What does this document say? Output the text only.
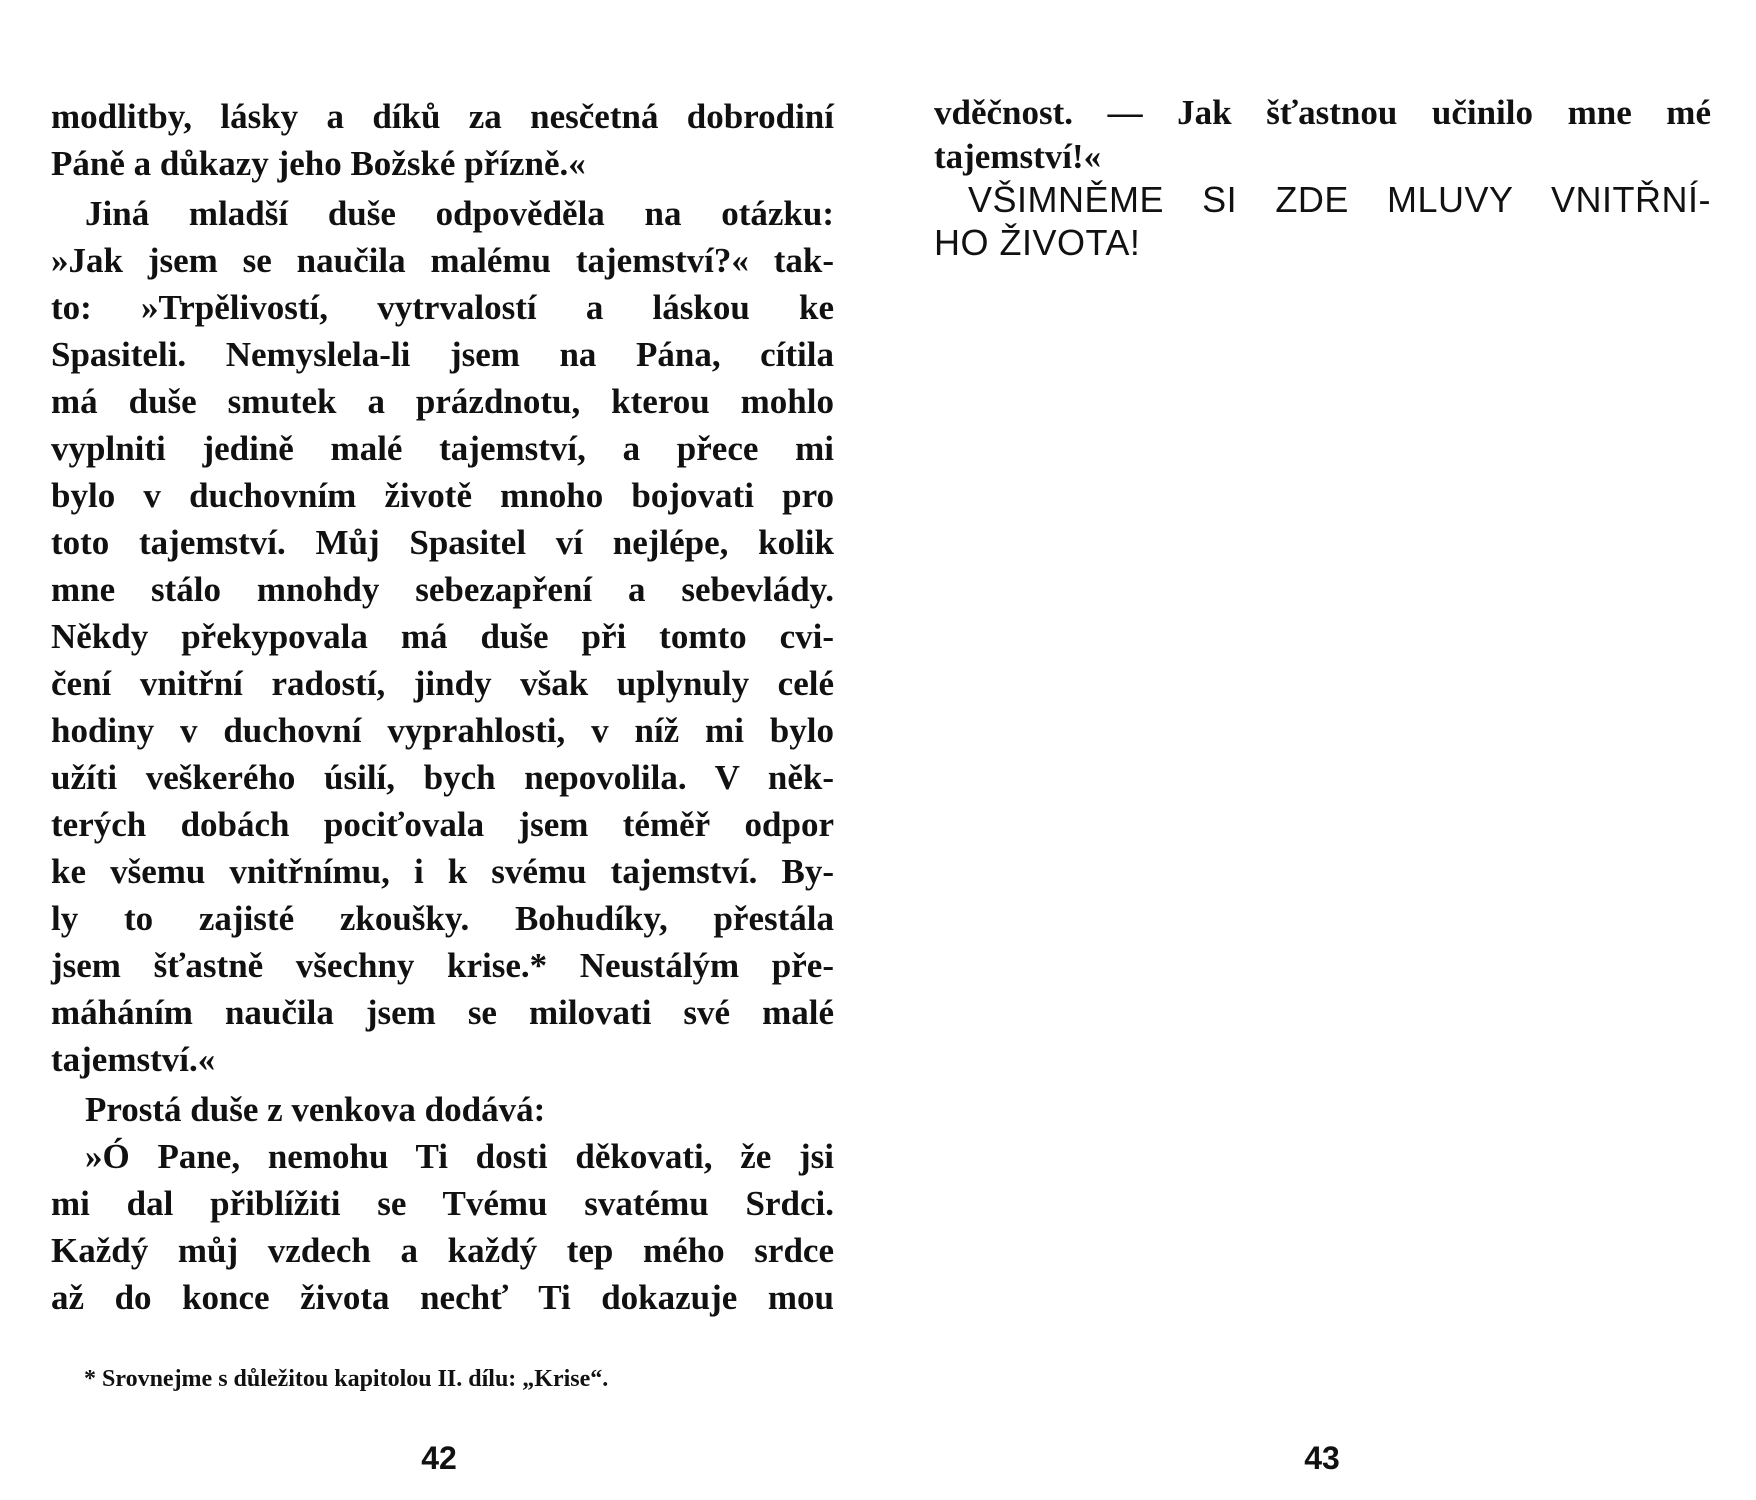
modlitby, lásky a díků za nesčetná dobrodiní
Páně a důkazy jeho Božské přízně.«
Jiná mladší duše odpověděla na otázku:
»Jak jsem se naučila malému tajemství?« tak-
to: »Trpělivostí, vytrvalostí a láskou ke
Spasiteli. Nemyslela-li jsem na Pána, cítila
má duše smutek a prázdnotu, kterou mohlo
vyplniti jedině malé tajemství, a přece mi
bylo v duchovním životě mnoho bojovati pro
toto tajemství. Můj Spasitel ví nejlépe, kolik
mne stálo mnohdy sebezapření a sebevlády.
Někdy překypovala má duše při tomto cvi-
čení vnitřní radostí, jindy však uplynuly celé
hodiny v duchovní vyprahlosti, v níž mi bylo
užíti veškerého úsilí, bych nepovolila. V něk-
terých dobách pociťovala jsem téměř odpor
ke všemu vnitřnímu, i k svému tajemství. By-
ly to zajisté zkoušky. Bohudíky, přestála
jsem šťastně všechny krise.* Neustálým pře-
máháním naučila jsem se milovati své malé
tajemství.«
Prostá duše z venkova dodává:
»Ó Pane, nemohu Ti dosti děkovati, že jsi
mi dal přiblížiti se Tvému svatému Srdci.
Každý můj vzdech a každý tep mého srdce
až do konce života nechť Ti dokazuje mou
* Srovnejme s důležitou kapitolou II. dílu: „Krise“.
42
vděčnost. — Jak šťastnou učinilo mne mé
tajemství!«
VŠIMNĚME SI ZDE MLUVY VNITŘNÍ-
HO ŽIVOTA!
43
